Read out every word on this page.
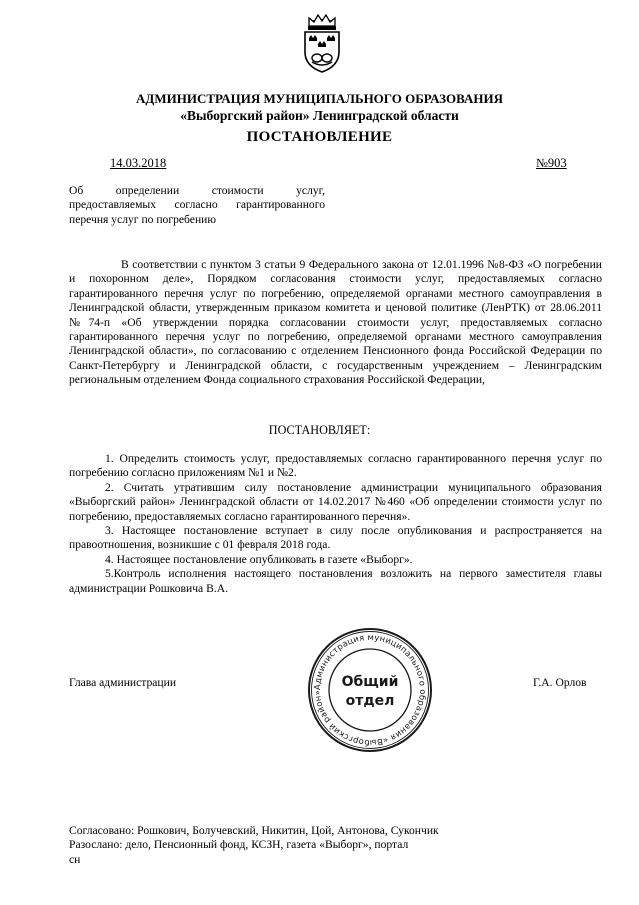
АДМИНИСТРАЦИЯ МУНИЦИПАЛЬНОГО ОБРАЗОВАНИЯ
«Выборгский район» Ленинградской области
ПОСТАНОВЛЕНИЕ
14.03.2018	№903
Об определении стоимости услуг, предоставляемых согласно гарантированного перечня услуг по погребению
В соответствии с пунктом 3 статьи 9 Федерального закона от 12.01.1996 №8-ФЗ «О погребении и похоронном деле», Порядком согласования стоимости услуг, предоставляемых согласно гарантированного перечня услуг по погребению, определяемой органами местного самоуправления в Ленинградской области, утвержденным приказом комитета и ценовой политике (ЛенРТК) от 28.06.2011 №74-п «Об утверждении порядка согласовании стоимости услуг, предоставляемых согласно гарантированного перечня услуг по погребению, определяемой органами местного самоуправления Ленинградской области», по согласованию с отделением Пенсионного фонда Российской Федерации по Санкт-Петербургу и Ленинградской области, с государственным учреждением – Ленинградским региональным отделением Фонда социального страхования Российской Федерации,
ПОСТАНОВЛЯЕТ:

1. Определить стоимость услуг, предоставляемых согласно гарантированного перечня услуг по погребению согласно приложениям №1 и №2.

2. Считать утратившим силу постановление администрации муниципального образования «Выборгский район» Ленинградской области от 14.02.2017 №460 «Об определении стоимости услуг по погребению, предоставляемых согласно гарантированного перечня».

3. Настоящее постановление вступает в силу после опубликования и распространяется на правоотношения, возникшие с 01 февраля 2018 года.

4. Настоящее постановление опубликовать в газете «Выборг».

5.Контроль исполнения настоящего постановления возложить на первого заместителя главы администрации Рошковича В.А.

Глава администрации	Г.А. Орлов
Администрация муниципального образования «Выборгский район»
Общий
отдел
Согласовано: Рошкович, Болучевский, Никитин, Цой, Антонова, Сукончик
Разослано: дело, Пенсионный фонд, КСЗН, газета «Выборг», портал
сн
